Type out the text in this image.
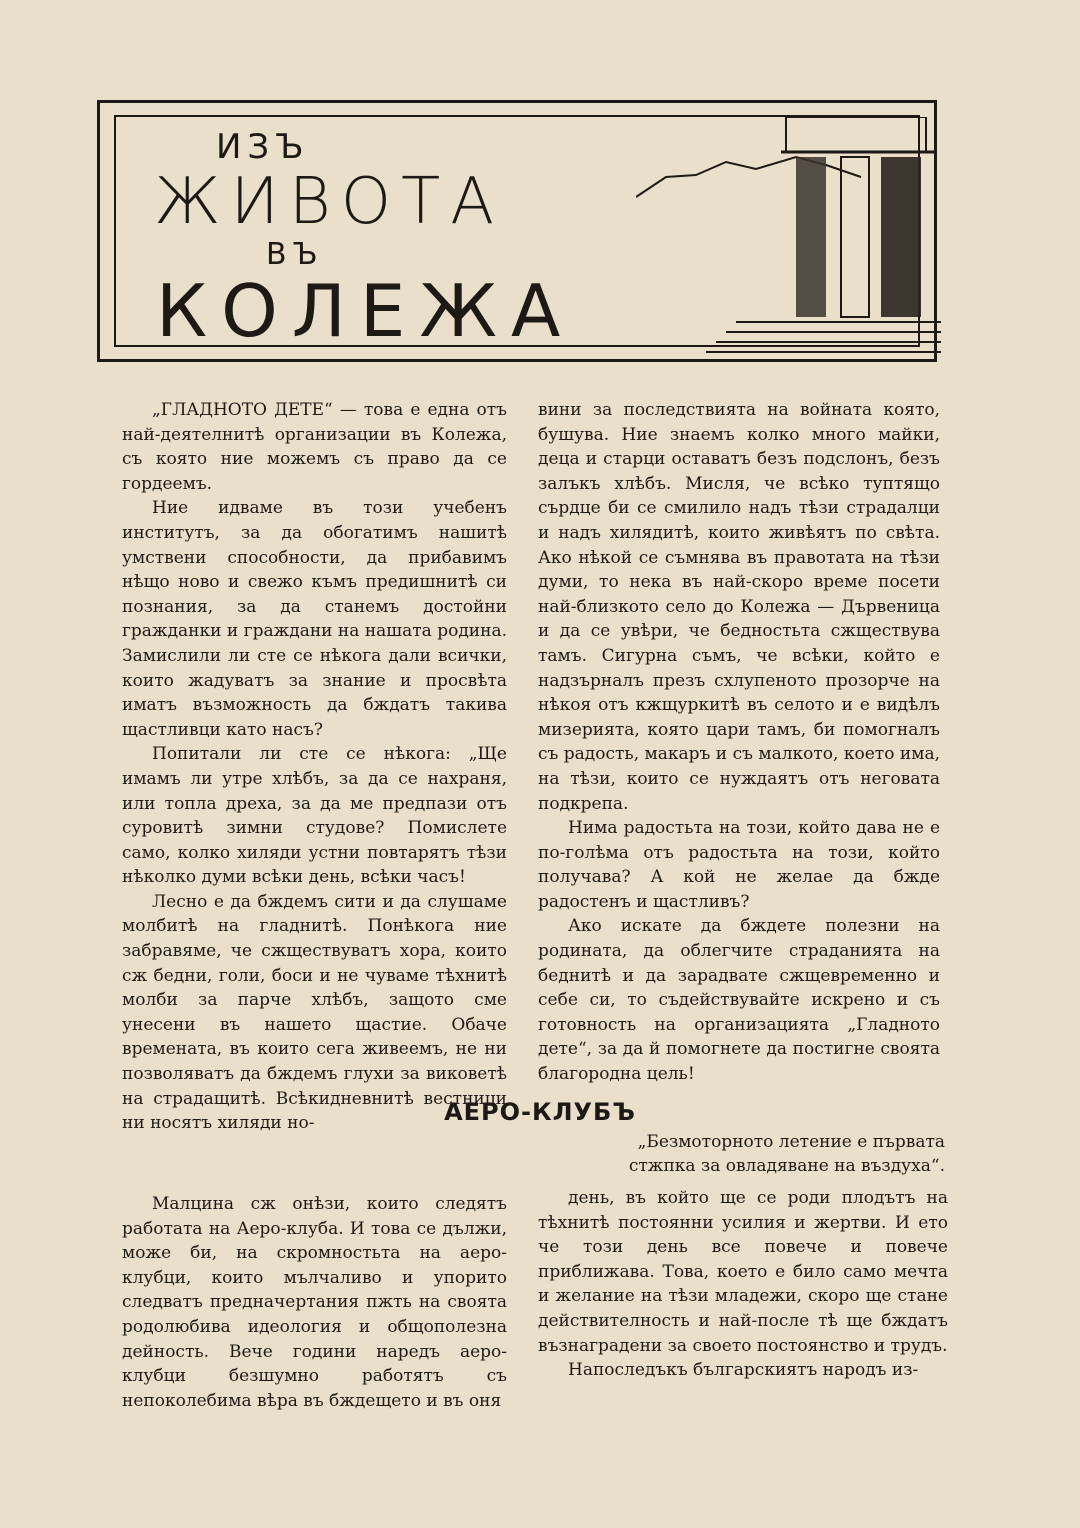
ИЗЪ
ЖИВОТА
ВЪ
КОЛЕЖА

„ГЛАДНОТО ДЕТЕ“ — това е една отъ най-деятелнитѣ организации въ Колежа, съ която ние можемъ съ право да се гордеемъ.

Ние идваме въ този учебенъ институтъ, за да обогатимъ нашитѣ умствени способности, да прибавимъ нѣщо ново и свежо къмъ предишнитѣ си познания, за да станемъ достойни гражданки и граждани на нашата родина. Замислили ли сте се нѣкога дали всички, които жадуватъ за знание и просвѣта иматъ възможность да бждатъ такива щастливци като насъ?

Попитали ли сте се нѣкога: „Ще имамъ ли утре хлѣбъ, за да се нахраня, или топла дреха, за да ме предпази отъ суровитѣ зимни студове? Помислете само, колко хиляди устни повтарятъ тѣзи нѣколко думи всѣки день, всѣки часъ!

Лесно е да бждемъ сити и да слушаме молбитѣ на гладнитѣ. Понѣкога ние забравяме, че сжществуватъ хора, които сж бедни, голи, боси и не чуваме тѣхнитѣ молби за парче хлѣбъ, защото сме унесени въ нашето щастие. Обаче времената, въ които сега живеемъ, не ни позволяватъ да бждемъ глухи за виковетѣ на страдащитѣ. Всѣкидневнитѣ вестници ни носятъ хиляди но-

вини за последствията на войната която, бушува. Ние знаемъ колко много майки, деца и старци оставатъ безъ подслонъ, безъ залъкъ хлѣбъ. Мисля, че всѣко туптящо сърдце би се смилило надъ тѣзи страдалци и надъ хилядитѣ, които живѣятъ по свѣта. Ако нѣкой се съмнява въ правотата на тѣзи думи, то нека въ най-скоро време посети най-близкото село до Колежа — Дървеница и да се увѣри, че бедностьта сжществува тамъ. Сигурна съмъ, че всѣки, който е надзърналъ презъ схлупеното прозорче на нѣкоя отъ кжщуркитѣ въ селото и е видѣлъ мизерията, която цари тамъ, би помогналъ съ радость, макаръ и съ малкото, което има, на тѣзи, които се нуждаятъ отъ неговата подкрепа.

Нима радостьта на този, който дава не е по-голѣма отъ радостьта на този, който получава? А кой не желае да бжде радостенъ и щастливъ?

Ако искате да бждете полезни на родината, да облегчите страданията на беднитѣ и да зарадвате сжщевременно и себе си, то съдействувайте искрено и съ готовность на организацията „Гладното дете“, за да й помогнете да постигне своята благородна цель!

АЕРО-КЛУБЪ
„Безмоторното летение е първата стжпка за овладяване на въздуха“.

Малцина сж онѣзи, които следятъ работата на Аеро-клуба. И това се дължи, може би, на скромностьта на аеро-клубци, които мълчаливо и упорито следватъ предначертания пжть на своята родолюбива идеология и общополезна дейность. Вече години наредъ аеро-клубци безшумно работятъ съ непоколебима вѣра въ бждещето и въ оня

день, въ който ще се роди плодътъ на тѣхнитѣ постоянни усилия и жертви. И ето че този день все повече и повече приближава. Това, което е било само мечта и желание на тѣзи младежи, скоро ще стане действителность и най-после тѣ ще бждатъ възнаградени за своето постоянство и трудъ.

Напоследъкъ българскиятъ народъ из-
